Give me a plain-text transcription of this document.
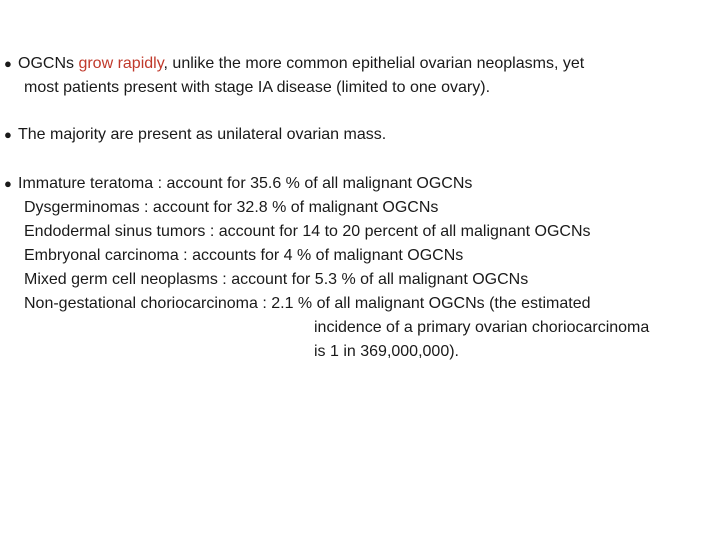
● OGCNs grow rapidly, unlike the more common epithelial ovarian neoplasms, yet
most patients present with stage IA disease (limited to one ovary).
● The majority are present as unilateral ovarian mass.
● Immature teratoma : account for 35.6 % of all malignant OGCNs
Dysgerminomas : account for 32.8 % of malignant OGCNs
Endodermal sinus tumors : account for 14 to 20 percent of all malignant OGCNs
Embryonal carcinoma : accounts for 4 % of malignant OGCNs
Mixed germ cell neoplasms : account for 5.3 % of all malignant OGCNs
Non-gestational choriocarcinoma : 2.1 % of all malignant OGCNs (the estimated
incidence of a primary ovarian choriocarcinoma
is 1 in 369,000,000).
